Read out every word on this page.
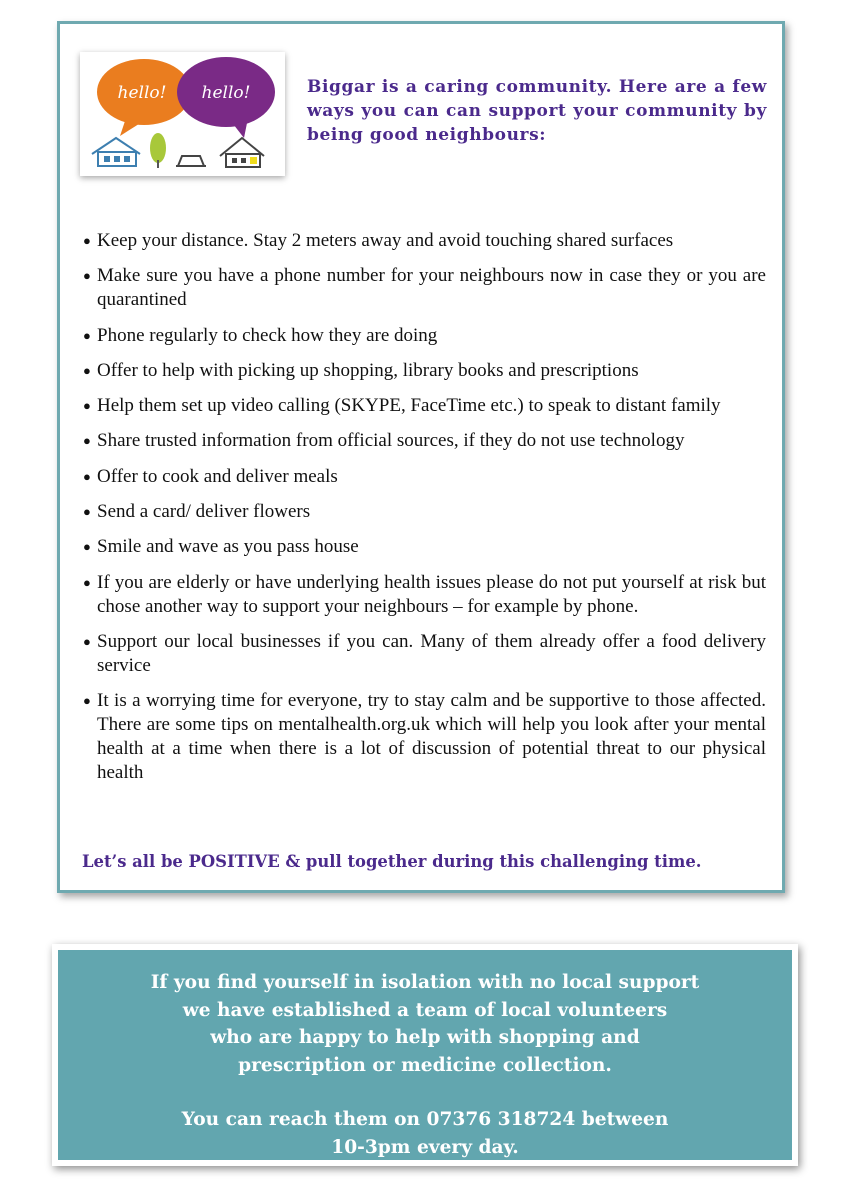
hello! hello!	Biggar is a caring community. Here are a few ways you can can support your community by being good neighbours:

● Keep your distance. Stay 2 meters away and avoid touching shared surfaces
● Make sure you have a phone number for your neighbours now in case they or you are quarantined
● Phone regularly to check how they are doing
● Offer to help with picking up shopping, library books and prescriptions
● Help them set up video calling (SKYPE, FaceTime etc.) to speak to distant family
● Share trusted information from official sources, if they do not use technology
● Offer to cook and deliver meals
● Send a card/ deliver flowers
● Smile and wave as you pass house
● If you are elderly or have underlying health issues please do not put yourself at risk but chose another way to support your neighbours – for example by phone.
● Support our local businesses if you can. Many of them already offer a food delivery service
● It is a worrying time for everyone, try to stay calm and be supportive to those affected. There are some tips on mentalhealth.org.uk which will help you look after your mental health at a time when there is a lot of discussion of potential threat to our physical health

Let’s all be POSITIVE & pull together during this challenging time.

If you find yourself in isolation with no local support
we have established a team of local volunteers
who are happy to help with shopping and
prescription or medicine collection.
You can reach them on 07376 318724 between
10-3pm every day.
